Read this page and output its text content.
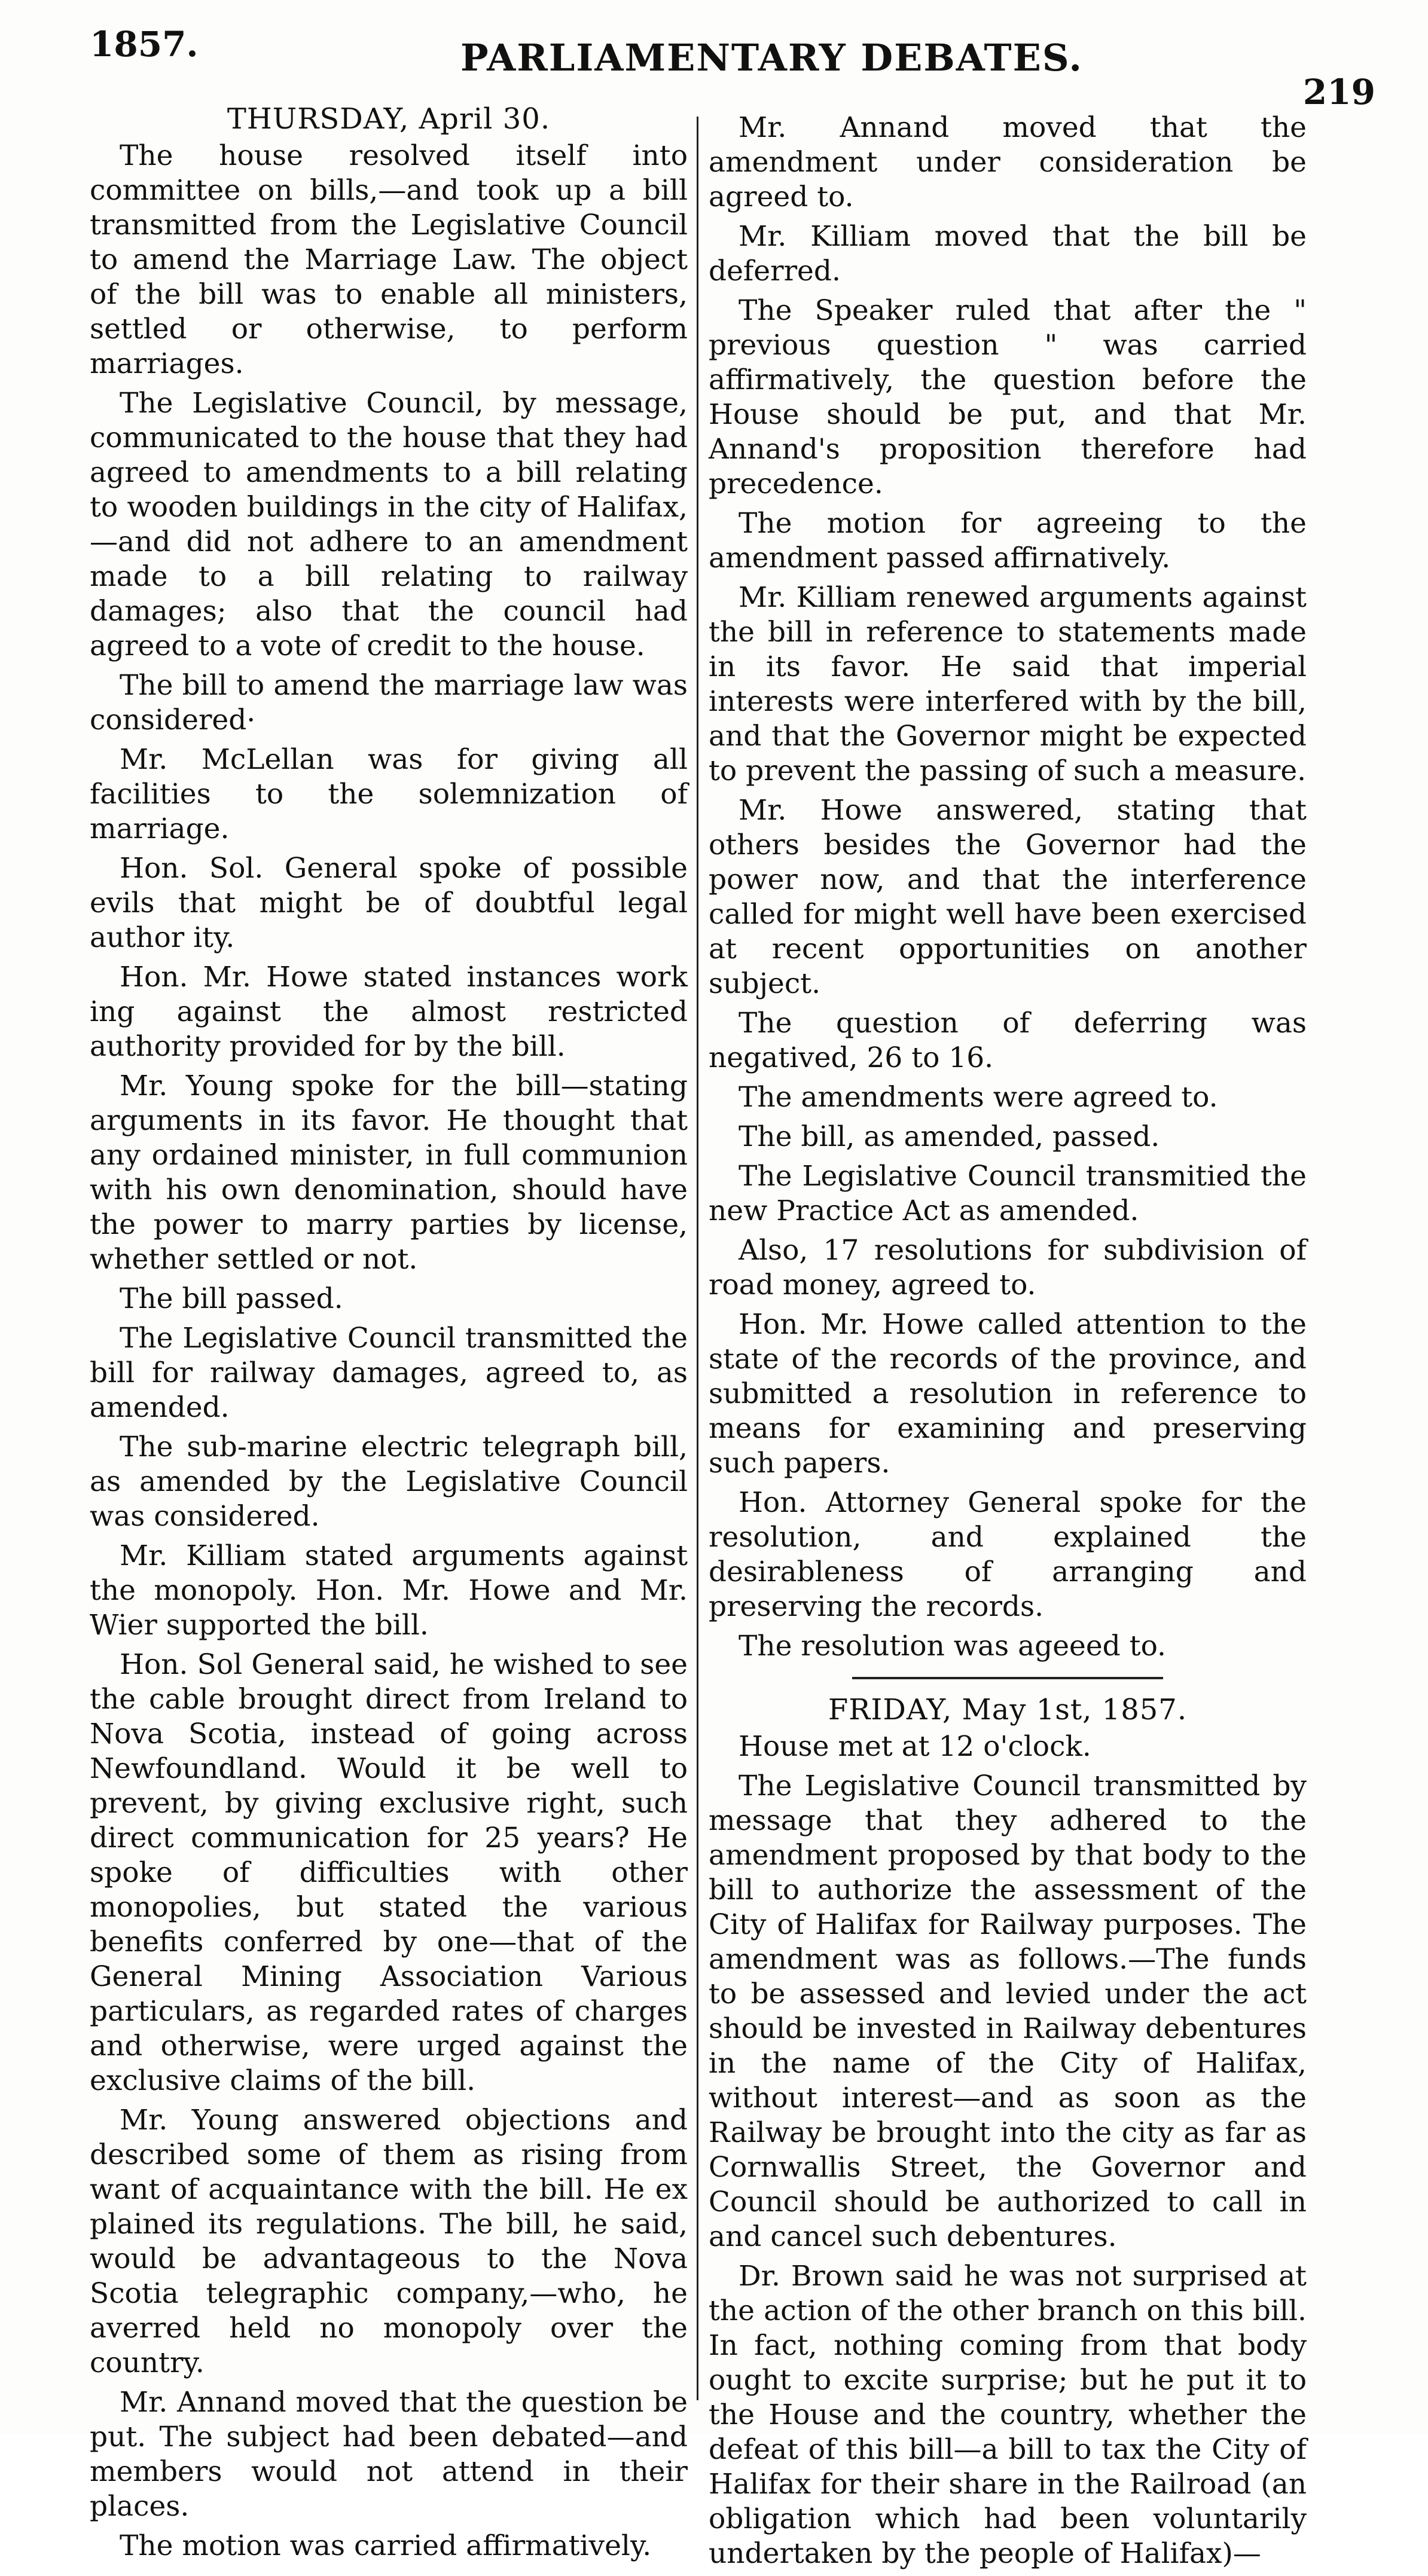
1857.	PARLIAMENTARY DEBATES.
219
THURSDAY, April 30.

The house resolved itself into committee on bills,—and took up a bill transmitted from the Legislative Council to amend the Marriage Law. The object of the bill was to enable all ministers, settled or otherwise, to perform marriages.

The Legislative Council, by message, communicated to the house that they had agreed to amendments to a bill relating to wooden buildings in the city of Halifax, —and did not adhere to an amendment made to a bill relating to railway damages; also that the council had agreed to a vote of credit to the house.

The bill to amend the marriage law was considered·

Mr. McLellan was for giving all facilities to the solemnization of marriage.

Hon. Sol. General spoke of possible evils that might be of doubtful legal author ity.

Hon. Mr. Howe stated instances work ing against the almost restricted authority provided for by the bill.

Mr. Young spoke for the bill—stating arguments in its favor. He thought that any ordained minister, in full communion with his own denomination, should have the power to marry parties by license, whether settled or not.

The bill passed.

The Legislative Council transmitted the bill for railway damages, agreed to, as amended.

The sub-marine electric telegraph bill, as amended by the Legislative Council was considered.

Mr. Killiam stated arguments against the monopoly. Hon. Mr. Howe and Mr. Wier supported the bill.

Hon. Sol General said, he wished to see the cable brought direct from Ireland to Nova Scotia, instead of going across Newfoundland. Would it be well to prevent, by giving exclusive right, such direct communication for 25 years? He spoke of difficulties with other monopolies, but stated the various benefits conferred by one—that of the General Mining Association Various particulars, as regarded rates of charges and otherwise, were urged against the exclusive claims of the bill.

Mr. Young answered objections and described some of them as rising from want of acquaintance with the bill. He ex plained its regulations. The bill, he said, would be advantageous to the Nova Scotia telegraphic company,—who, he averred held no monopoly over the country.

Mr. Annand moved that the question be put. The subject had been debated—and members would not attend in their places.

The motion was carried affirmatively.

Mr. Annand moved that the amendment under consideration be agreed to.

Mr. Killiam moved that the bill be deferred.

The Speaker ruled that after the " previous question " was carried affirmatively, the question before the House should be put, and that Mr. Annand's proposition therefore had precedence.

The motion for agreeing to the amendment passed affirnatively.

Mr. Killiam renewed arguments against the bill in reference to statements made in its favor. He said that imperial interests were interfered with by the bill, and that the Governor might be expected to prevent the passing of such a measure.

Mr. Howe answered, stating that others besides the Governor had the power now, and that the interference called for might well have been exercised at recent opportunities on another subject.

The question of deferring was negatived, 26 to 16.

The amendments were agreed to.

The bill, as amended, passed.

The Legislative Council transmitied the new Practice Act as amended.

Also, 17 resolutions for subdivision of road money, agreed to.

Hon. Mr. Howe called attention to the state of the records of the province, and submitted a resolution in reference to means for examining and preserving such papers.

Hon. Attorney General spoke for the resolution, and explained the desirableness of arranging and preserving the records.

The resolution was ageeed to.

FRIDAY, May 1st, 1857.

House met at 12 o'clock.

The Legislative Council transmitted by message that they adhered to the amendment proposed by that body to the bill to authorize the assessment of the City of Halifax for Railway purposes. The amendment was as follows.—The funds to be assessed and levied under the act should be invested in Railway debentures in the name of the City of Halifax, without interest—and as soon as the Railway be brought into the city as far as Cornwallis Street, the Governor and Council should be authorized to call in and cancel such debentures.

Dr. Brown said he was not surprised at the action of the other branch on this bill. In fact, nothing coming from that body ought to excite surprise; but he put it to the House and the country, whether the defeat of this bill—a bill to tax the City of Halifax for their share in the Railroad (an obligation which had been voluntarily undertaken by the people of Halifax)—
